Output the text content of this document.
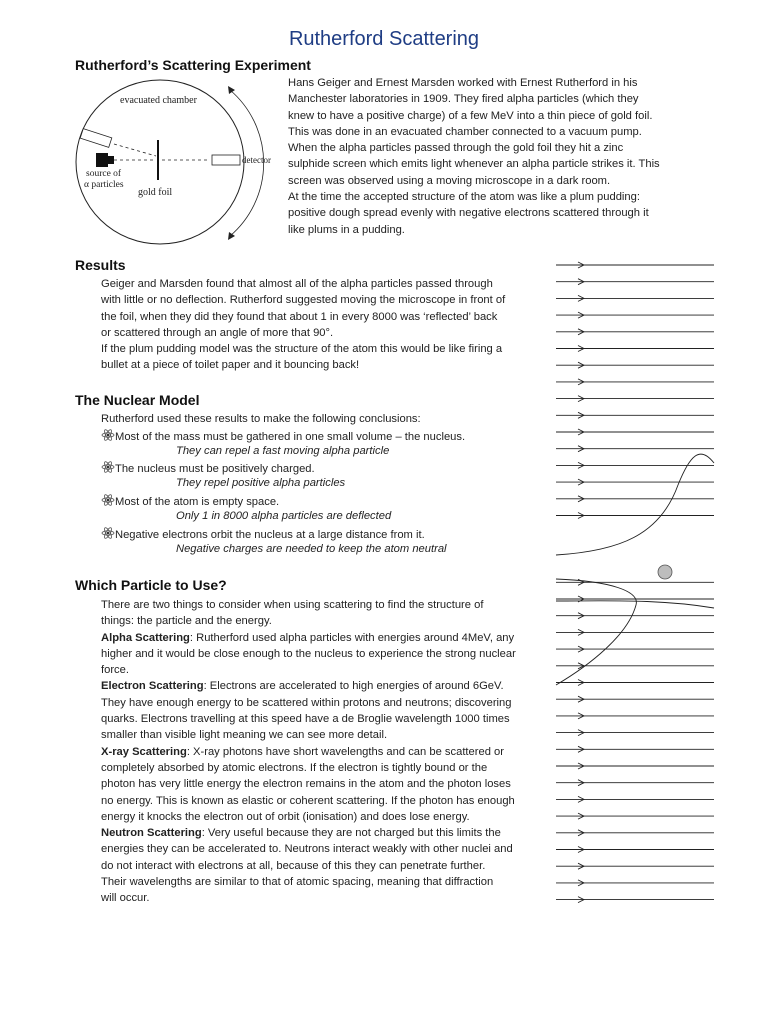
Rutherford Scattering
Rutherford’s Scattering Experiment
evacuated chamber
detector
source of
α particles
gold foil

Hans Geiger and Ernest Marsden worked with Ernest Rutherford in his

Manchester laboratories in 1909. They fired alpha particles (which they

knew to have a positive charge) of a few MeV into a thin piece of gold foil.

This was done in an evacuated chamber connected to a vacuum pump.

When the alpha particles passed through the gold foil they hit a zinc

sulphide screen which emits light whenever an alpha particle strikes it. This

screen was observed using a moving microscope in a dark room.

At the time the accepted structure of the atom was like a plum pudding:

positive dough spread evenly with negative electrons scattered through it

like plums in a pudding.

Results

Geiger and Marsden found that almost all of the alpha particles passed through

with little or no deflection. Rutherford suggested moving the microscope in front of

the foil, when they did they found that about 1 in every 8000 was ‘reflected’ back

or scattered through an angle of more that 90°.

If the plum pudding model was the structure of the atom this would be like firing a

bullet at a piece of toilet paper and it bouncing back!

The Nuclear Model
Rutherford used these results to make the following conclusions:
Most of the mass must be gathered in one small volume – the nucleus.
They can repel a fast moving alpha particle
The nucleus must be positively charged.
They repel positive alpha particles
Most of the atom is empty space.
Only 1 in 8000 alpha particles are deflected
Negative electrons orbit the nucleus at a large distance from it.
Negative charges are needed to keep the atom neutral
Which Particle to Use?

There are two things to consider when using scattering to find the structure of

things: the particle and the energy.

Alpha Scattering: Rutherford used alpha particles with energies around 4MeV, any

higher and it would be close enough to the nucleus to experience the strong nuclear

force.

Electron Scattering: Electrons are accelerated to high energies of around 6GeV.

They have enough energy to be scattered within protons and neutrons; discovering

quarks. Electrons travelling at this speed have a de Broglie wavelength 1000 times

smaller than visible light meaning we can see more detail.

X-ray Scattering: X-ray photons have short wavelengths and can be scattered or

completely absorbed by atomic electrons. If the electron is tightly bound or the

photon has very little energy the electron remains in the atom and the photon loses

no energy. This is known as elastic or coherent scattering. If the photon has enough

energy it knocks the electron out of orbit (ionisation) and does lose energy.

Neutron Scattering: Very useful because they are not charged but this limits the

energies they can be accelerated to. Neutrons interact weakly with other nuclei and

do not interact with electrons at all, because of this they can penetrate further.

Their wavelengths are similar to that of atomic spacing, meaning that diffraction

will occur.
